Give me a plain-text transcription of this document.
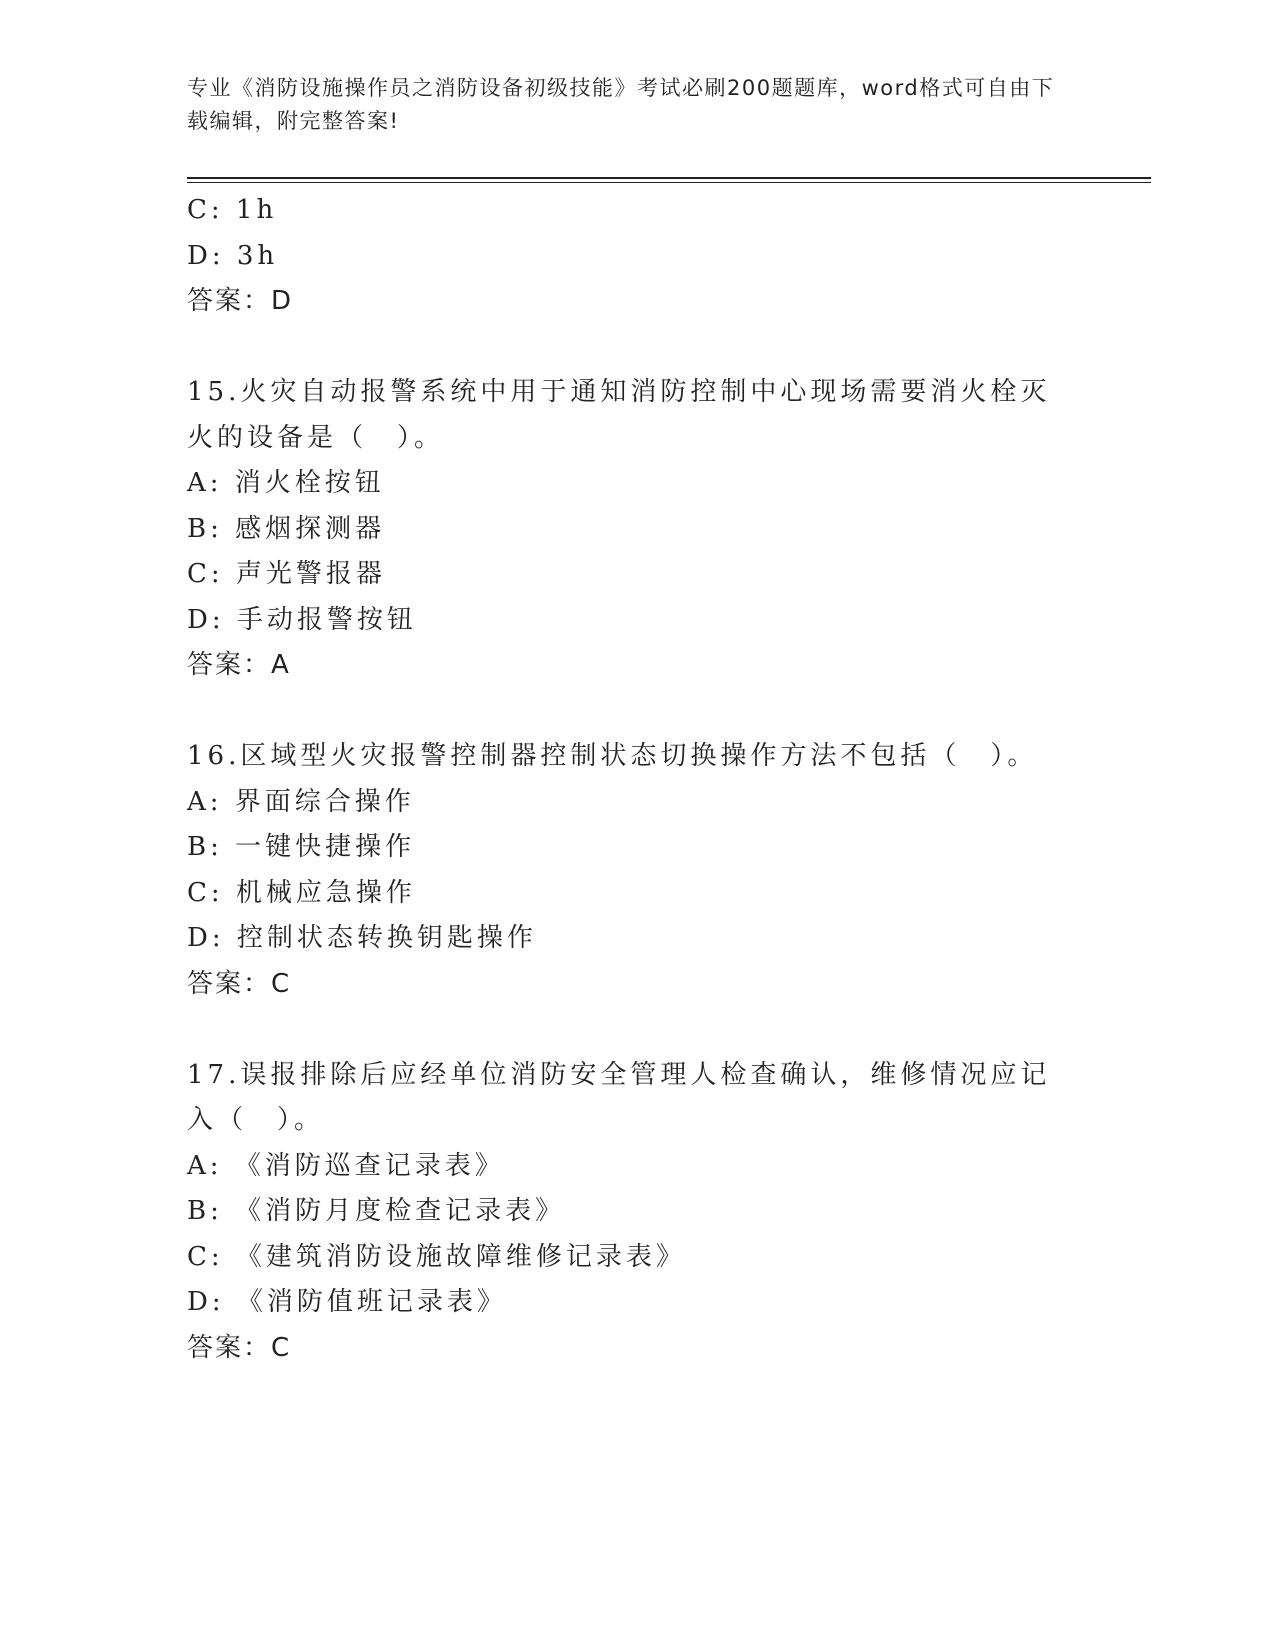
专业《消防设施操作员之消防设备初级技能》考试必刷200题题库，word格式可自由下载编辑，附完整答案!
C: 1h
D: 3h
答案：D
15.火灾自动报警系统中用于通知消防控制中心现场需要消火栓灭火的设备是（　）。
A: 消火栓按钮
B: 感烟探测器
C: 声光警报器
D: 手动报警按钮
答案：A
16.区域型火灾报警控制器控制状态切换操作方法不包括（　）。
A: 界面综合操作
B: 一键快捷操作
C: 机械应急操作
D: 控制状态转换钥匙操作
答案：C
17.误报排除后应经单位消防安全管理人检查确认，维修情况应记入（　）。
A: 《消防巡查记录表》
B: 《消防月度检查记录表》
C: 《建筑消防设施故障维修记录表》
D: 《消防值班记录表》
答案：C
